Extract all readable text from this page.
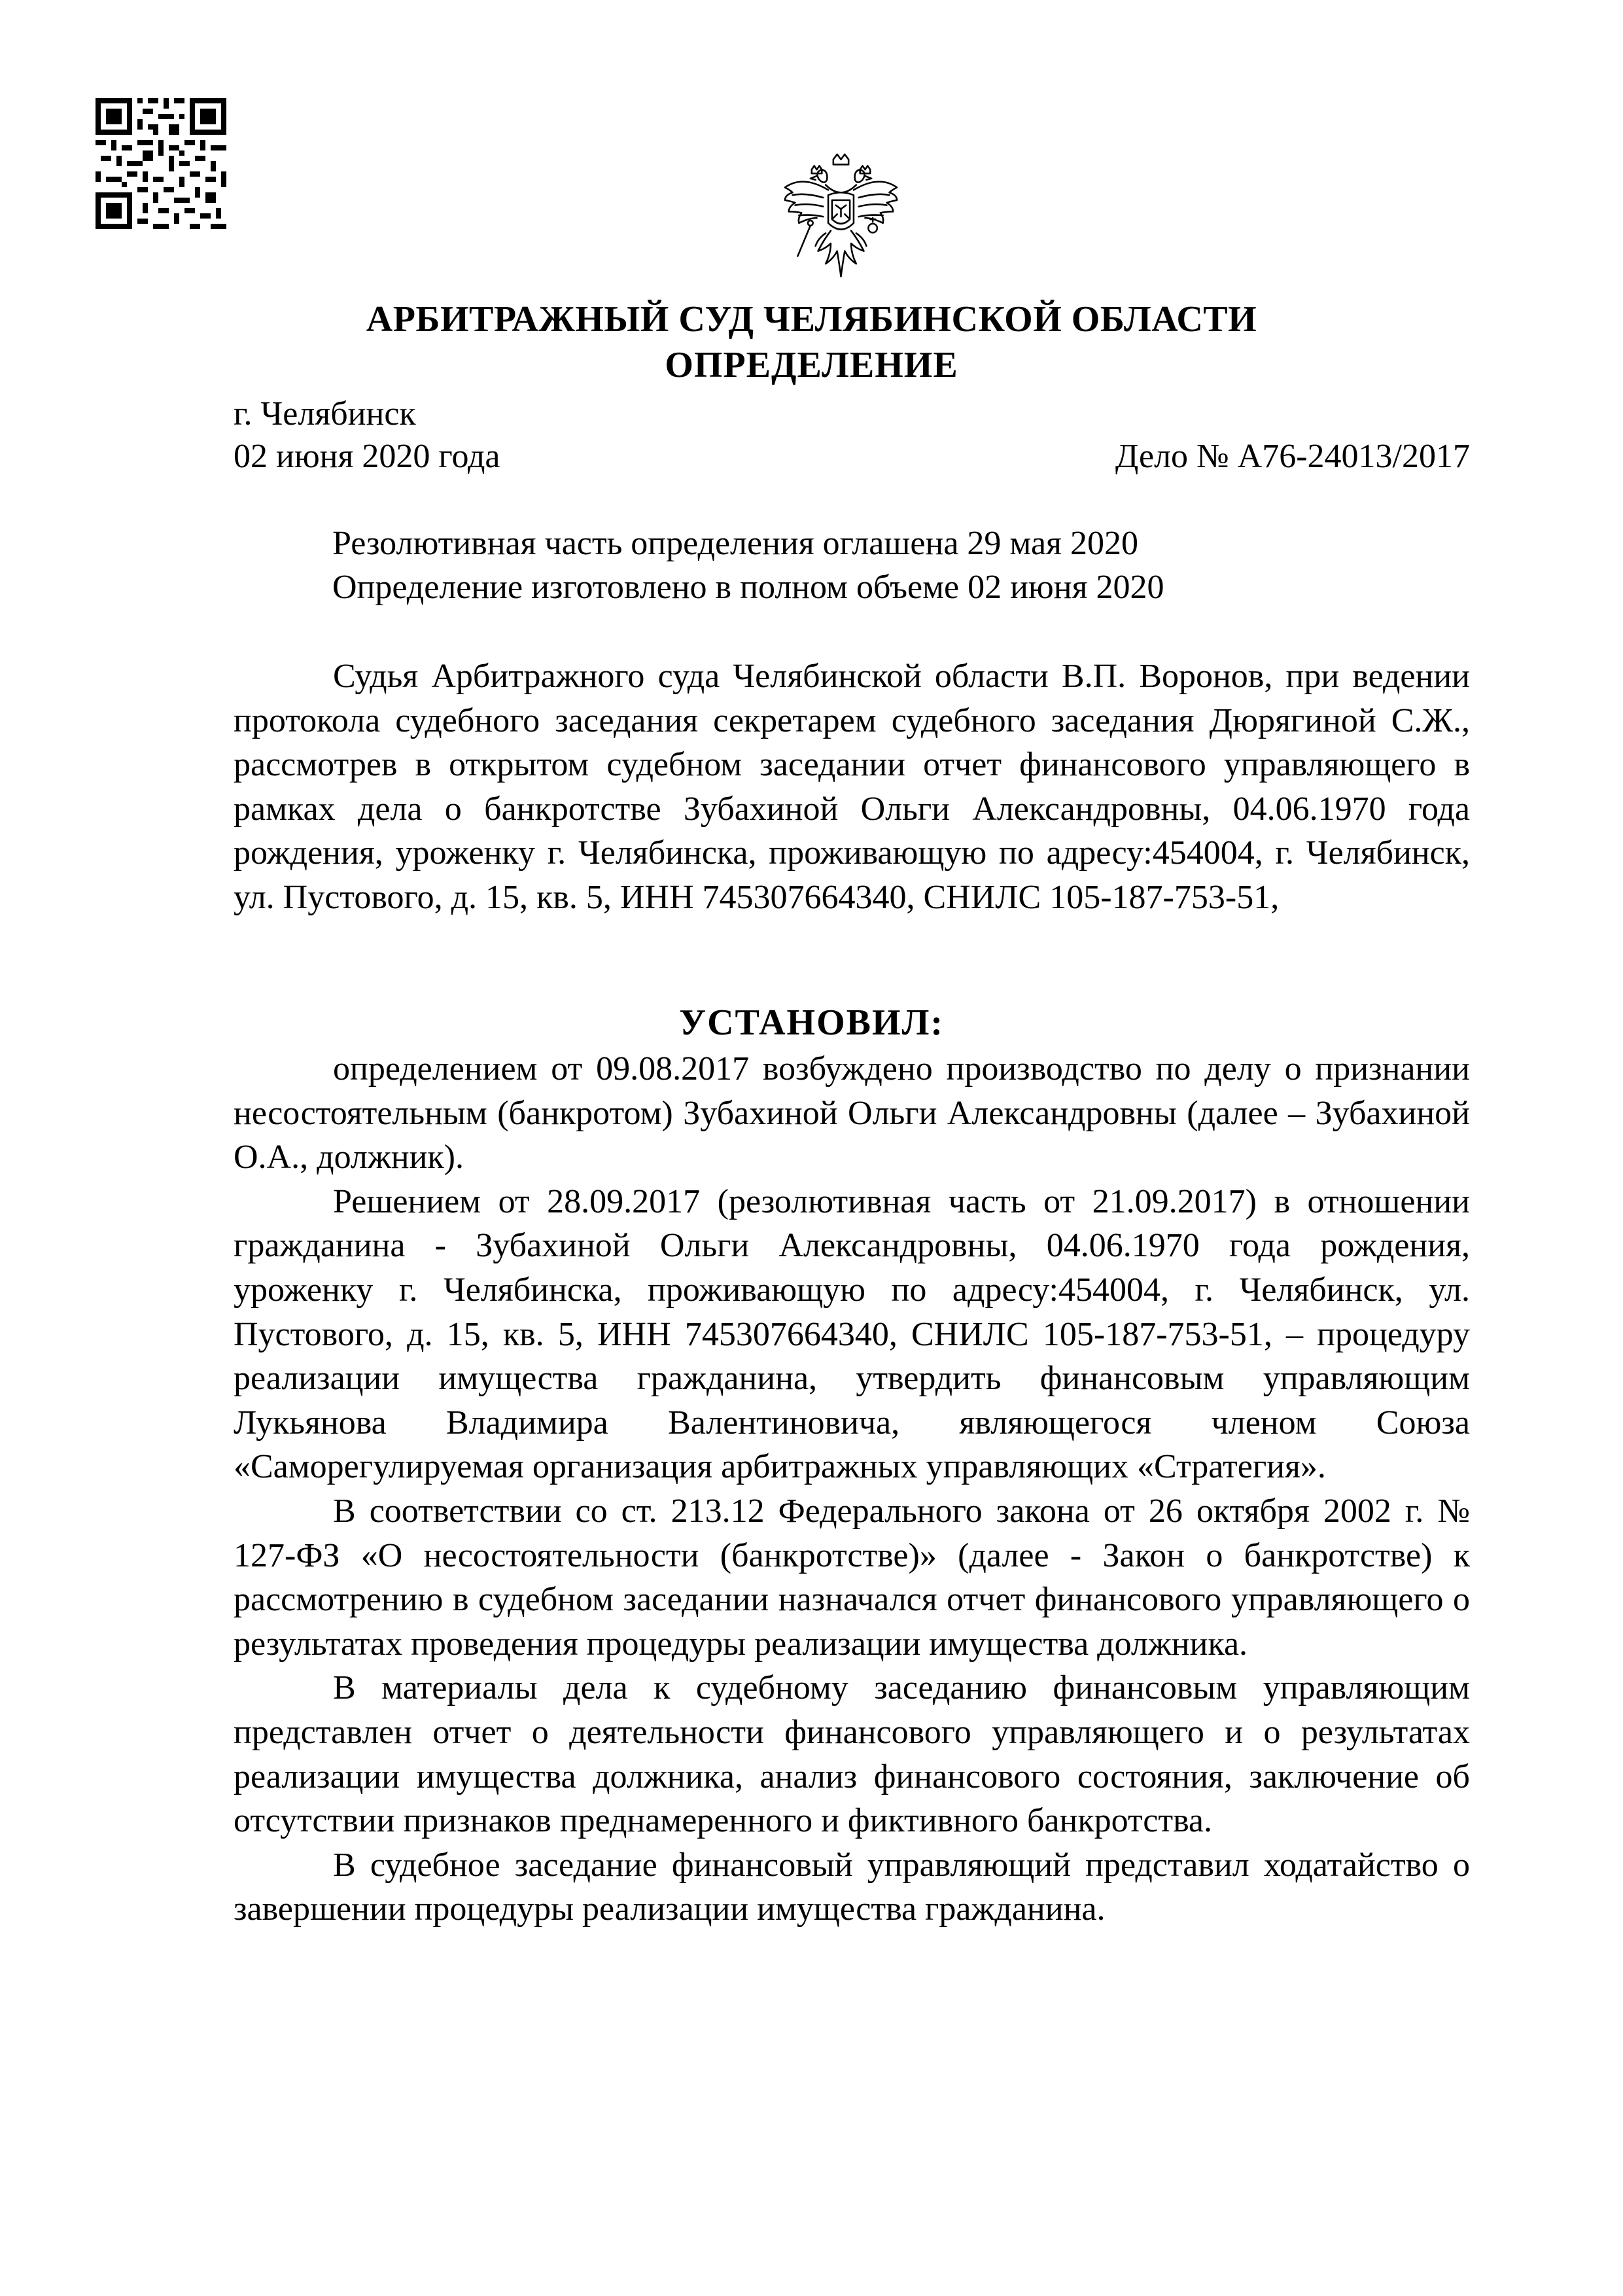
АРБИТРАЖНЫЙ СУД ЧЕЛЯБИНСКОЙ ОБЛАСТИ
ОПРЕДЕЛЕНИЕ
г. Челябинск
02 июня 2020 года	Дело № А76-24013/2017
Резолютивная часть определения оглашена 29 мая 2020
Определение изготовлено в полном объеме 02 июня 2020

Судья Арбитражного суда Челябинской области В.П. Воронов, при ведении протокола судебного заседания секретарем судебного заседания Дюрягиной С.Ж., рассмотрев в открытом судебном заседании отчет финансового управляющего в рамках дела о банкротстве Зубахиной Ольги Александровны, 04.06.1970 года рождения, уроженку г. Челябинска, проживающую по адресу:454004, г. Челябинск, ул. Пустового, д. 15, кв. 5, ИНН 745307664340, СНИЛС 105-187-753-51,

УСТАНОВИЛ:

определением от 09.08.2017 возбуждено производство по делу о признании несостоятельным (банкротом) Зубахиной Ольги Александровны (далее – Зубахиной О.А., должник).

Решением от 28.09.2017 (резолютивная часть от 21.09.2017) в отношении гражданина - Зубахиной Ольги Александровны, 04.06.1970 года рождения, уроженку г. Челябинска, проживающую по адресу:454004, г. Челябинск, ул. Пустового, д. 15, кв. 5, ИНН 745307664340, СНИЛС 105-187-753-51, – процедуру реализации имущества гражданина, утвердить финансовым управляющим Лукьянова Владимира Валентиновича, являющегося членом Союза «Саморегулируемая организация арбитражных управляющих «Стратегия».

В соответствии со ст. 213.12 Федерального закона от 26 октября 2002 г. № 127-ФЗ «О несостоятельности (банкротстве)» (далее - Закон о банкротстве) к рассмотрению в судебном заседании назначался отчет финансового управляющего о результатах проведения процедуры реализации имущества должника.

В материалы дела к судебному заседанию финансовым управляющим представлен отчет о деятельности финансового управляющего и о результатах реализации имущества должника, анализ финансового состояния, заключение об отсутствии признаков преднамеренного и фиктивного банкротства.

В судебное заседание финансовый управляющий представил ходатайство о завершении процедуры реализации имущества гражданина.
